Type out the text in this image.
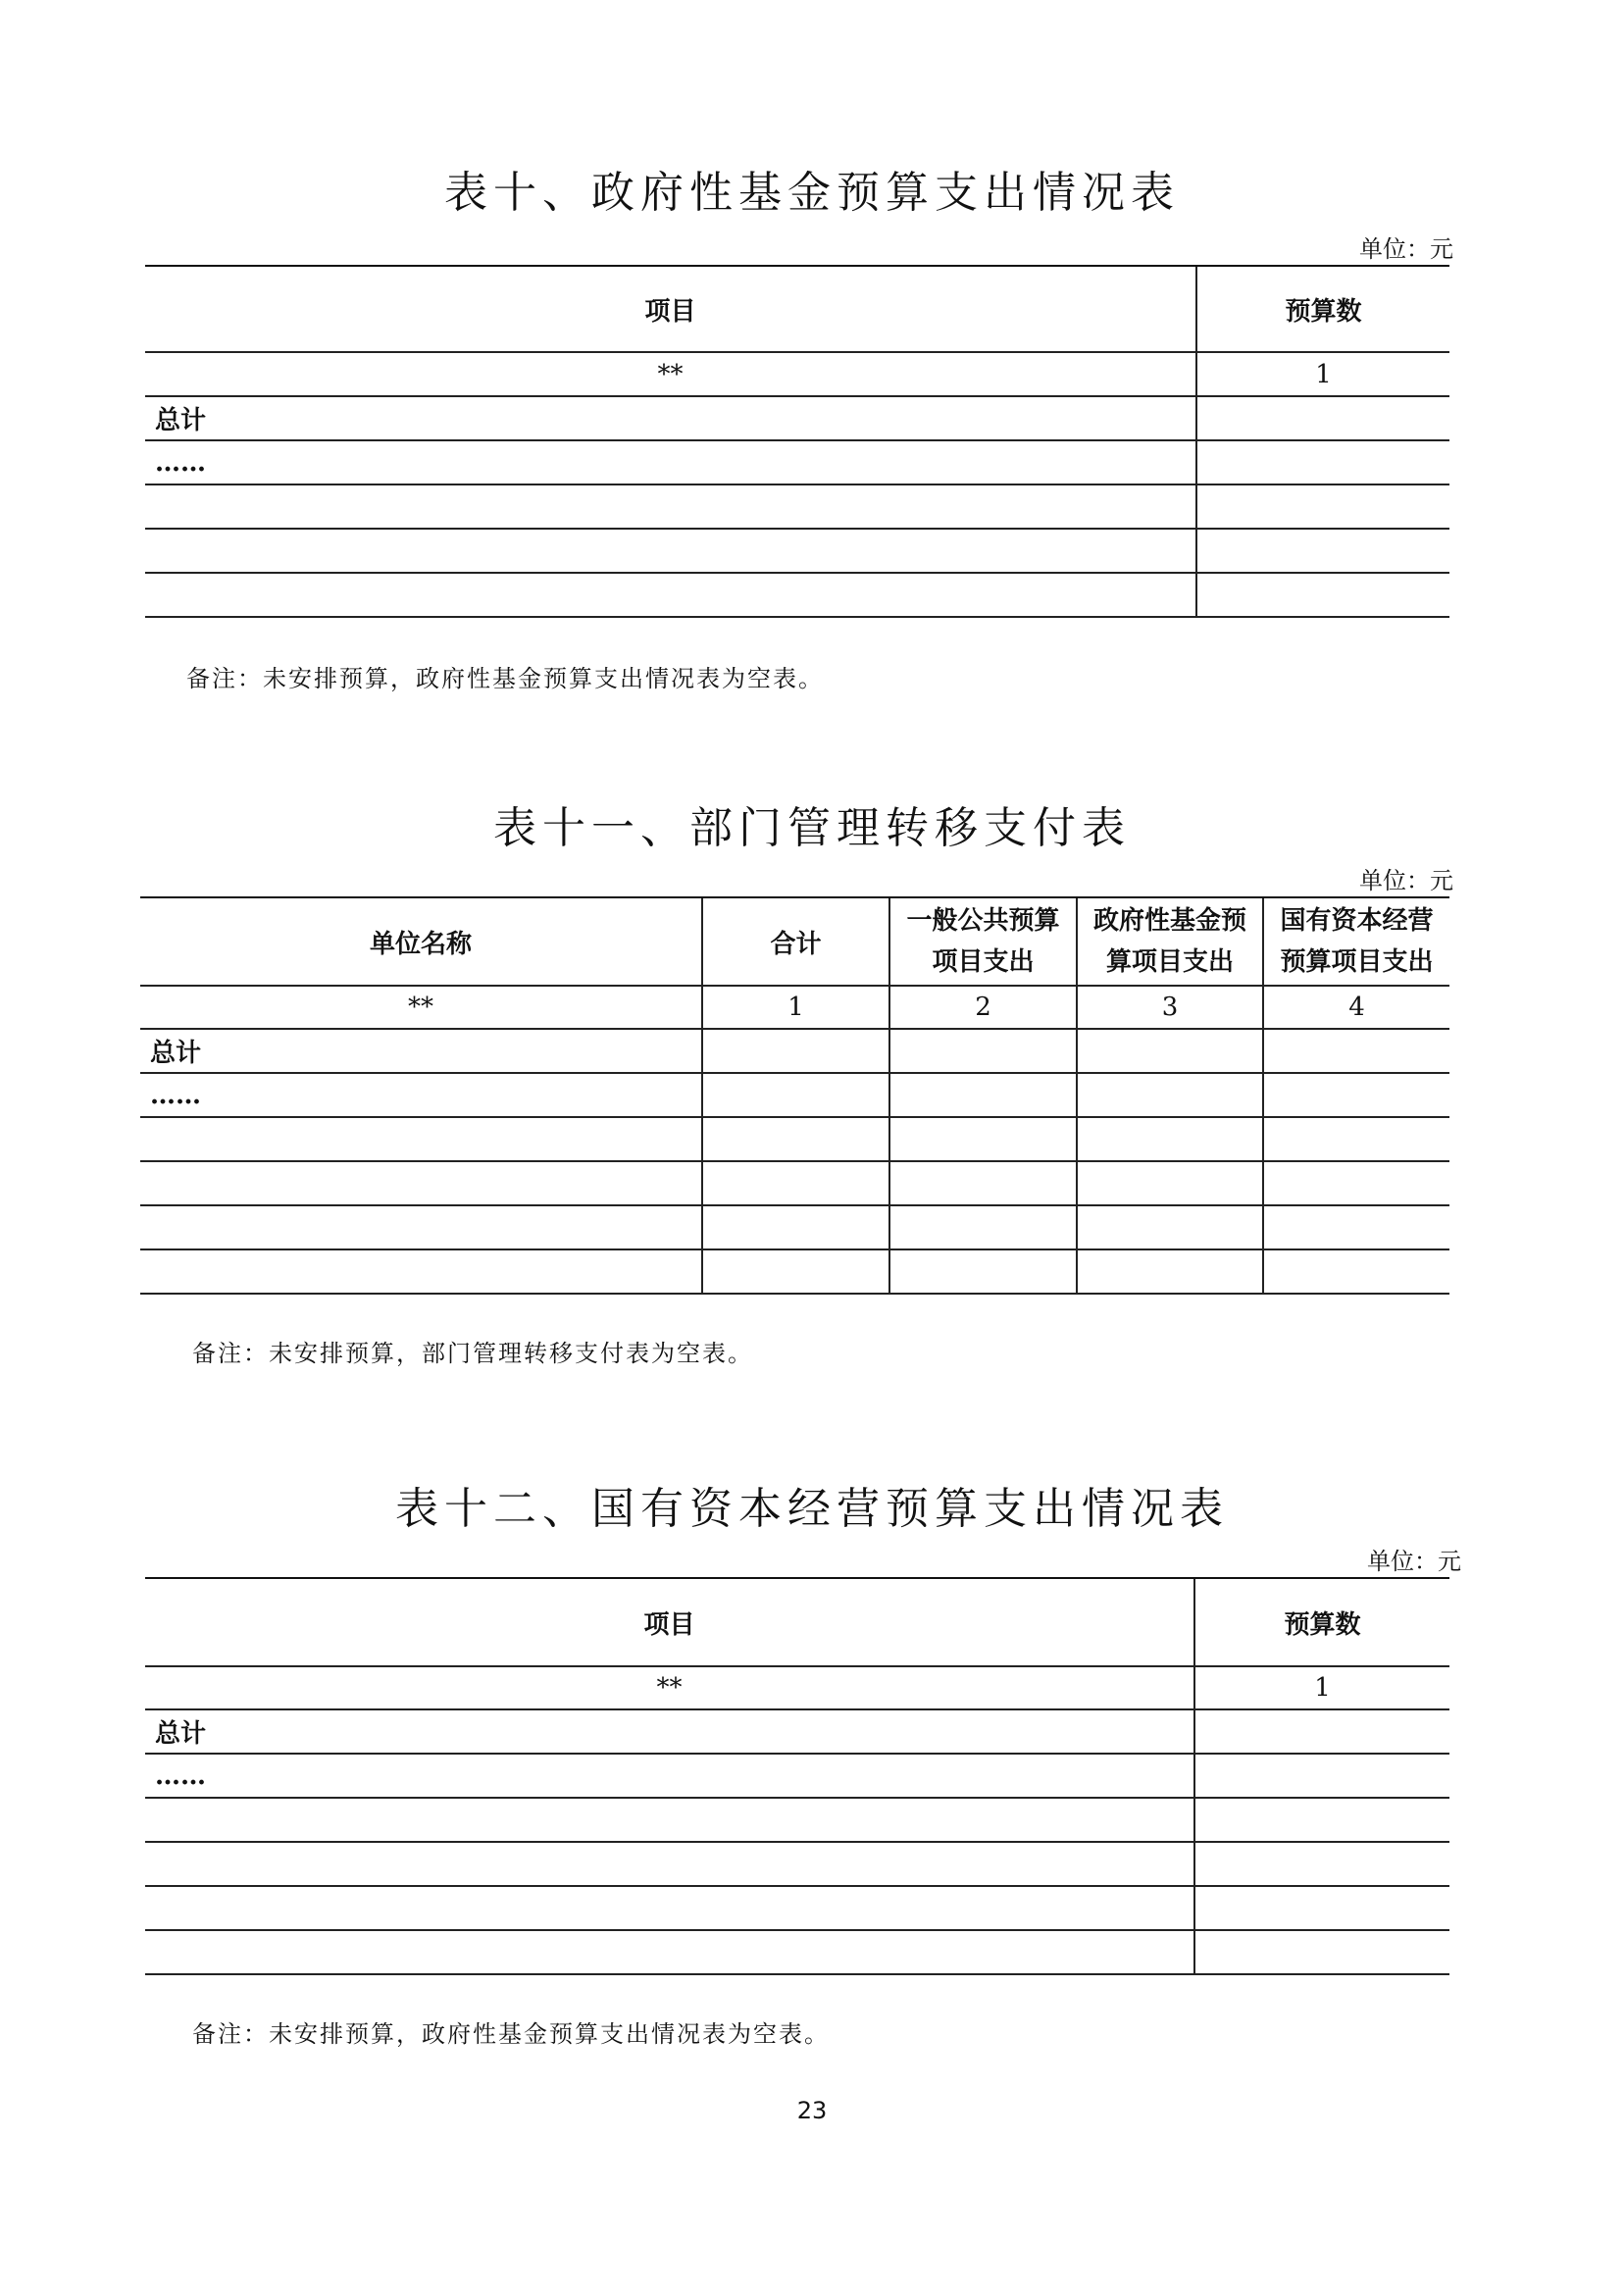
表十、政府性基金预算支出情况表
单位：元
项目	预算数
**	1
总计	
……	

备注：未安排预算，政府性基金预算支出情况表为空表。
表十一、部门管理转移支付表
单位：元
单位名称	合计	一般公共预算项目支出	政府性基金预算项目支出	国有资本经营预算项目支出
**	1	2	3	4
总计				
……				

备注：未安排预算，部门管理转移支付表为空表。
表十二、国有资本经营预算支出情况表
单位：元
项目	预算数
**	1
总计	
……	

备注：未安排预算，政府性基金预算支出情况表为空表。
23
